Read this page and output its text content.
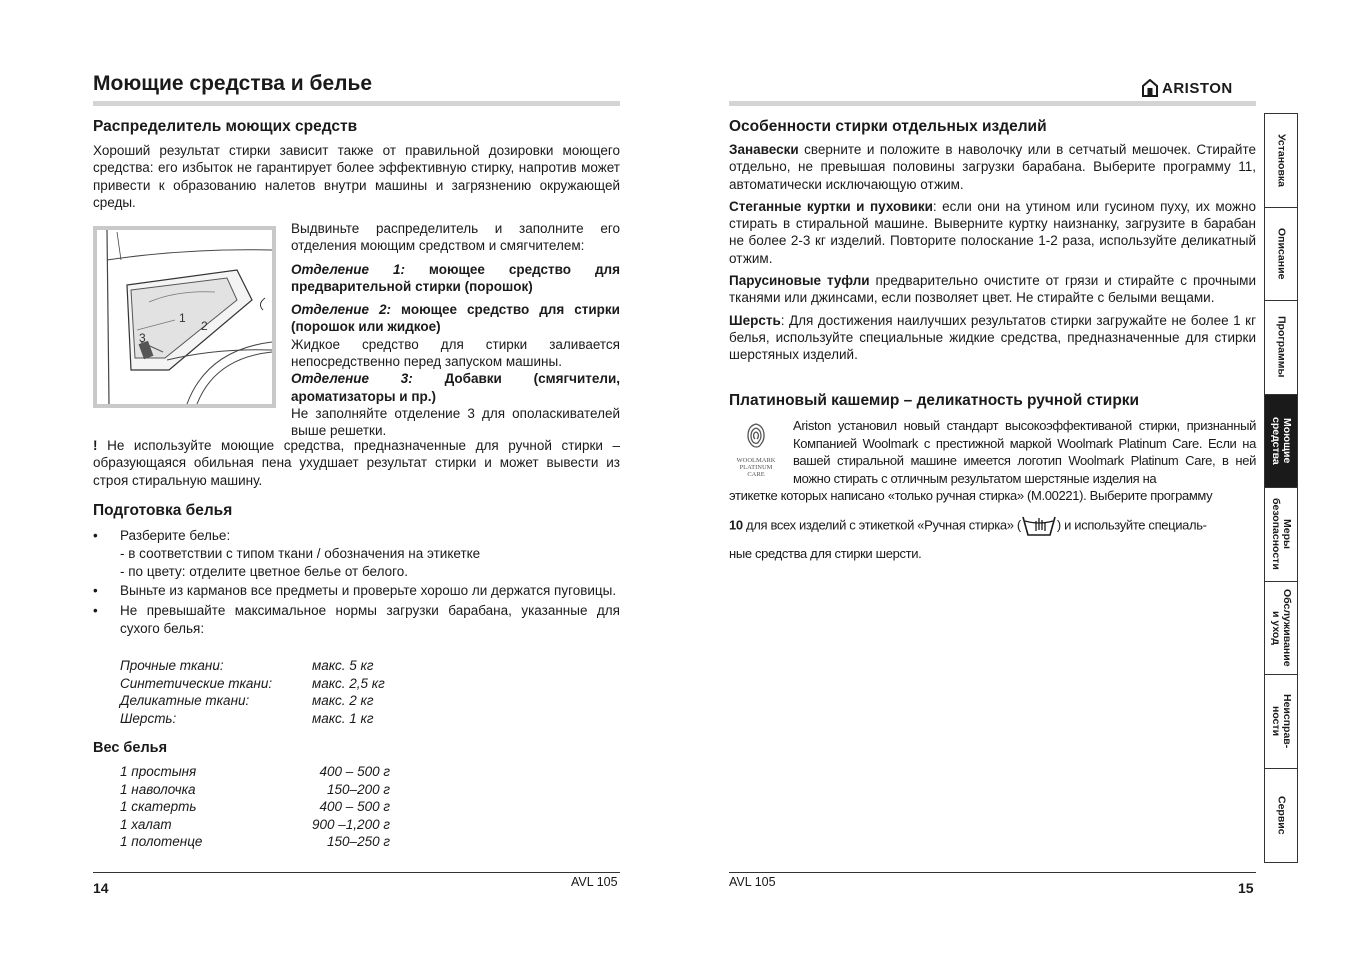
Моющие средства и белье
Распределитель моющих средств
Хороший результат стирки зависит также от правильной дозировки моющего средства: его избыток не гарантирует более эффективную стирку, напротив может привести к образованию налетов внутри машины и загрязнению окружающей среды.
1
2
3

Выдвиньте распределитель и заполните его отделения моющим средством и смягчителем:

Отделение 1: моющее средство для предварительной стирки (порошок)

Отделение 2: моющее средство для стирки (порошок или жидкое)

Жидкое средство для стирки заливается непосредственно перед запуском машины.

Отделение 3: Добавки (смягчители, ароматизаторы и пр.)

Не заполняйте отделение 3 для ополаскивателей выше решетки.

! Не используйте моющие средства, предназначенные для ручной стирки – образующаяся обильная пена ухудшает результат стирки и может вывести из строя стиральную машину.
Подготовка белья
• Разберите белье:
- в соответствии с типом ткани / обозначения на этикетке
- по цвету: отделите цветное белье от белого.
• Выньте из карманов все предметы и проверьте хорошо ли держатся пуговицы.
• Не превышайте максимальное нормы загрузки барабана, указанные для сухого белья:
Прочные ткани:	макс. 5 кг
Синтетические ткани:	макс. 2,5 кг
Деликатные ткани:	макс. 2 кг
Шерсть:	макс. 1 кг
Вес белья
1 простыня	400 – 500 г
1 наволочка	150–200 г
1 скатерть	400 – 500 г
1 халат	900 –1,200 г
1 полотенце	150–250 г
14	AVL 105
ARISTON
Особенности стирки отдельных изделий

Занавески сверните и положите в наволочку или в сетчатый мешочек. Стирайте отдельно, не превышая половины загрузки барабана. Выберите программу 11, автоматически исключающую отжим.

Стеганные куртки и пуховики: если они на утином или гусином пуху, их можно стирать в стиральной машине. Выверните куртку наизнанку, загрузите в барабан не более 2-3 кг изделий. Повторите полоскание 1-2 раза, используйте деликатный отжим.

Парусиновые туфли предварительно очистите от грязи и стирайте с прочными тканями или джинсами, если позволяет цвет. Не стирайте с белыми вещами.

Шерсть: Для достижения наилучших результатов стирки загружайте не более 1 кг белья, используйте специальные жидкие средства, предназначенные для стирки шерстяных изделий.

Платиновый кашемир – деликатность ручной стирки
WOOLMARK
PLATINUM
CARE
Ariston установил новый стандарт высокоэффективаной стирки, признанный Компанией Woolmark с престижной маркой Woolmark Platinum Care. Если на вашей стиральной машине имеется логотип Woolmark Platinum Care, в ней можно стирать с отличным результатом шерстяные изделия на
этикетке которых написано «только ручная стирка» (M.00221). Выберите программу
10 для всех изделий с этикеткой «Ручная стирка» (	) и используйте специаль-
ные средства для стирки шерсти.
AVL 105	15
Установка
Описание
Программы
Моющие
средства
Меры
безопасности
Обслуживание
и уход
Неисправ-
ности
Сервис
